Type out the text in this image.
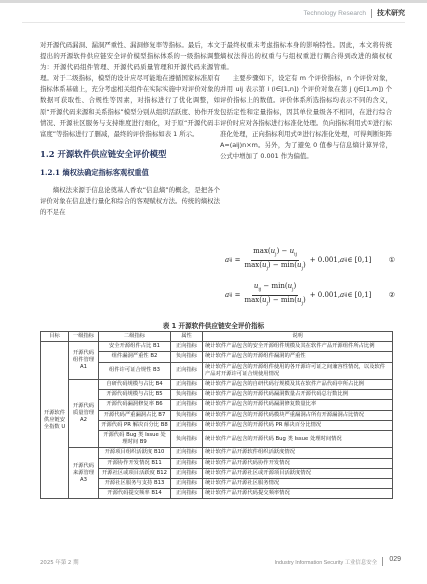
Technology Research 技术研究

对开源代码漏洞、漏洞严重性、漏洞修复率等指标。最后，本文提出的开源软件供应链安全评价模型指标体系的一级指标调整为：开源代码组件管理、开源代码质量管理和开源代码来源管理。对于二级指标，模型的设计应尽可能地在遵循国家标准原有指标体系基础上，充分考虑相关组件在实际实施中对评价对象的数据可获取性、合规性等因素，对指标进行了优化调整，如原“开源代码来源和关系指标”模型分别从组织活跃度、协作开发情况、开源社区服务与支持维度进行细化，对于原“开源代码丰富度”等指标进行了删减，最终的评价指标如表 1 所示。

1.2 开源软件供应链安全评价模型
1.2.1 熵权法确定指标客观权重值

熵权法来源于信息论奠基人香农“信息熵”的概念，是把各个评价对象在信息进行量化和综合的客观赋权方法。传统的熵权法的不足在

于最终权重未考虑指标本身的影响特性。因此，本文将传统熵权法得出的权重与与组权重进行耦合得到改进的熵权权重。

主要步骤如下，设定有 m 个评价指标，n 个评价对象，并用 uij 表示第 i (i∈[1,n]) 个评价对象在第 j (j∈[1,m]) 个评价指标上的数值。评价体系所选指标均表示不同的含义，包括定性和定量指标，因其单位量级各不相同，在进行综合评价时应对各指标进行标准化处理。负向指标利用式①进行标准化处理，正向指标利用式②进行标准化处理，可得判断矩阵 A=(aij)n×m。另外，为了避免 0 值参与信息熵计算异常，公式中增加了 0.001 作为偏值。

a ij = $\frac{\max(u_j) - u_{ij}}{\max(u_j) - \min(u_j)} + 0.001$, a ij ∈ [0,1]	①
a ij = $\frac{u_{ij} - \min(u_j)}{\max(u_j) - \min(u_j)} + 0.001$, a ij ∈ [0,1]	②
表 1 开源软件供应链安全评价指标
目标	一级指标	二级指标	属性	说明
开源软件供应链安全指数 U	开源代码组件管理 A1	安全开源组件占比 B1	正向指标	统计软件产品包含的安全开源组件规模及其在软件产品开源组件所占比例
		组件漏洞严重性 B2	负向指标	统计软件产品包含的开源组件漏洞的严重性
		组件许可证合规性 B3	正向指标	统计软件产品包含的开源组件使用的各开源许可证之间兼容性情况，以及软件产品对开源许可证合规使用情况
	开源代码质量管理 A2	自研代码规模与占比 B4	正向指标	统计软件产品包含的自研代码行规模及其在软件产品代码中所占比例
		开源代码规模与占比 B5	负向指标	统计软件产品包含的开源代码漏洞数量占开源代码总行数比例
		开源代码漏洞修复率 B6	正向指标	统计软件产品包含的开源代码漏洞修复数量比率
		开源代码严重漏洞占比 B7	负向指标	统计软件产品包含的开源代码模块严重漏洞占所有开源漏洞占比情况
		开源代码 PR 解决百分比 B8	正向指标	统计软件产品包含的开源代码 PR 解决百分比情况
		开源代码 Bug 类 Issue 处理时间 B9	负向指标	统计软件产品包含的开源代码 Bug 类 Issue 处理时间情况
	开源代码来源管理 A3	开源项目组织活跃度 B10	正向指标	统计软件产品开源软件组织活跃度情况
		开源协作开发情况 B11	正向指标	统计软件产品开源代码协作开发情况
		开源社区或项目活跃度 B12	正向指标	统计软件产品开源社区或开源项目活跃度情况
		开源社区服务与支持 B13	正向指标	统计软件产品开源社区服务情况
		开源代码提交频率 B14	正向指标	统计软件产品开源代码提交频率情况
2025 年第 2 期	Industry Information Security 工业信息安全 029
